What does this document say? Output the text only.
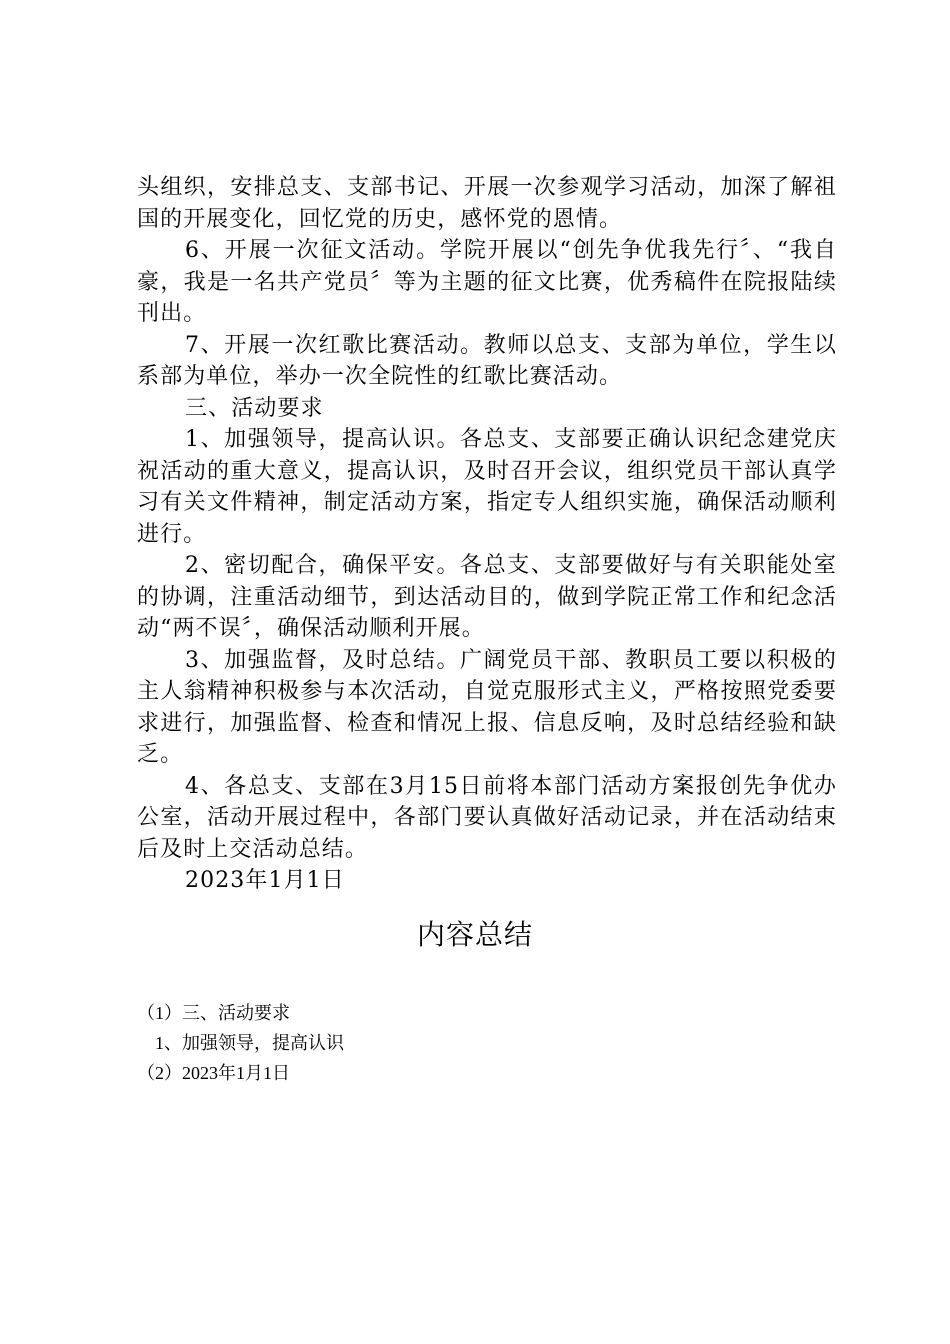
头组织，安排总支、支部书记、开展一次参观学习活动，加深了解祖国的开展变化，回忆党的历史，感怀党的恩情。

6、开展一次征文活动。学院开展以“创先争优我先行〞、“我自豪，我是一名共产党员〞等为主题的征文比赛，优秀稿件在院报陆续刊出。

7、开展一次红歌比赛活动。教师以总支、支部为单位，学生以系部为单位，举办一次全院性的红歌比赛活动。

三、活动要求

1、加强领导，提高认识。各总支、支部要正确认识纪念建党庆祝活动的重大意义，提高认识，及时召开会议，组织党员干部认真学习有关文件精神，制定活动方案，指定专人组织实施，确保活动顺利进行。

2、密切配合，确保平安。各总支、支部要做好与有关职能处室的协调，注重活动细节，到达活动目的，做到学院正常工作和纪念活动“两不误〞，确保活动顺利开展。

3、加强监督，及时总结。广阔党员干部、教职员工要以积极的主人翁精神积极参与本次活动，自觉克服形式主义，严格按照党委要求进行，加强监督、检查和情况上报、信息反响，及时总结经验和缺乏。

4、各总支、支部在3月15日前将本部门活动方案报创先争优办公室，活动开展过程中，各部门要认真做好活动记录，并在活动结束后及时上交活动总结。

2023年1月1日

内容总结
（1）三、活动要求
1、加强领导，提高认识
（2）2023年1月1日
